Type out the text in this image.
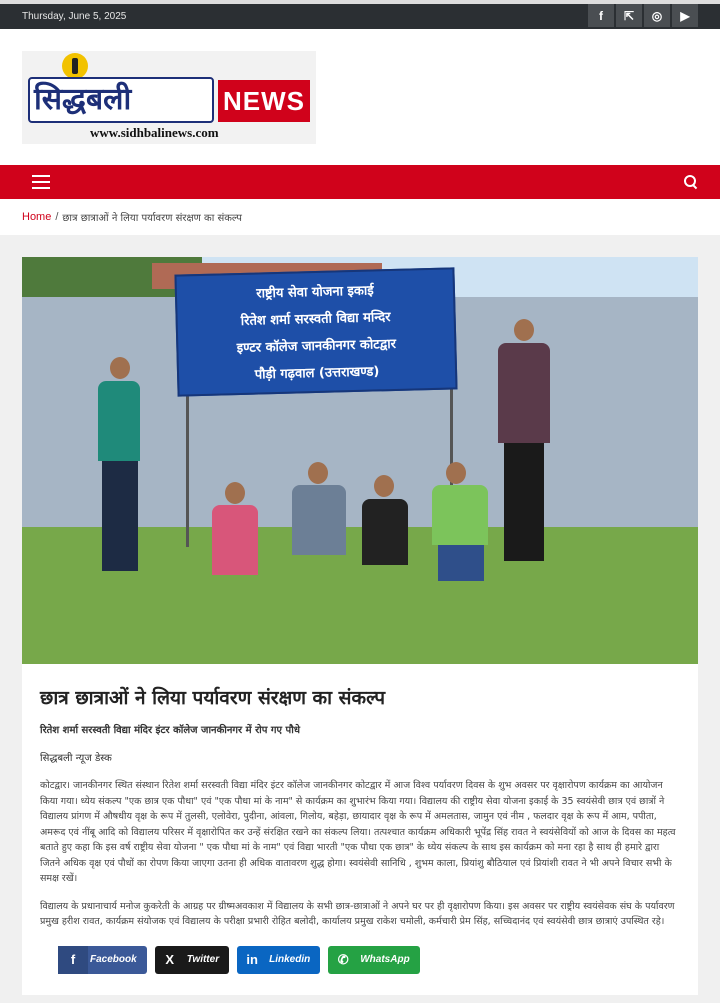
Thursday, June 5, 2025	f	⇱	◎	▶
सिद्धबली	NEWS
www.sidhbalinews.com
Home / छात्र छात्राओं ने लिया पर्यावरण संरक्षण का संकल्प
राष्ट्रीय सेवा योजना इकाई
रितेश शर्मा सरस्वती विद्या मन्दिर
इण्टर कॉलेज जानकीनगर कोटद्वार
पौड़ी गढ़वाल (उत्तराखण्ड)
छात्र छात्राओं ने लिया पर्यावरण संरक्षण का संकल्प
रितेश शर्मा सरस्वती विद्या मंदिर इंटर कॉलेज जानकीनगर में रोप गए पौधे
सिद्धबली न्यूज डेस्क

कोटद्वार। जानकीनगर स्थित संस्थान रितेश शर्मा सरस्वती विद्या मंदिर इंटर कॉलेज जानकीनगर कोटद्वार में आज विश्व पर्यावरण दिवस के शुभ अवसर पर वृक्षारोपण कार्यक्रम का आयोजन किया गया। ध्येय संकल्प "एक छात्र एक पौधा" एवं "एक पौधा मां के नाम" से कार्यक्रम का शुभारंभ किया गया। विद्यालय की राष्ट्रीय सेवा योजना इकाई के 35 स्वयंसेवी छात्र एवं छात्रों ने विद्यालय प्रांगण में औषधीय वृक्ष के रूप में तुलसी, एलोवेरा, पुदीना, आंवला, गिलोय, बहेड़ा, छायादार वृक्ष के रूप में अमलतास, जामुन एवं नीम , फलदार वृक्ष के रूप में आम, पपीता, अमरूद एवं नींबू आदि को विद्यालय परिसर में वृक्षारोपित कर उन्हें संरक्षित रखने का संकल्प लिया। तत्पश्चात कार्यक्रम अधिकारी भूपेंद्र सिंह रावत ने स्वयंसेवियों को आज के दिवस का महत्व बताते हुए कहा कि इस वर्ष राष्ट्रीय सेवा योजना " एक पौधा मां के नाम" एवं विद्या भारती "एक पौधा एक छात्र" के ध्येय संकल्प के साथ इस कार्यक्रम को मना रहा है साथ ही हमारे द्वारा जितने अधिक वृक्ष एवं पौधों का रोपण किया जाएगा उतना ही अधिक वातावरण शुद्ध होगा। स्वयंसेवी सानिधि , शुभम काला, प्रियांशु बौठियाल एवं प्रियांशी रावत ने भी अपने विचार सभी के समक्ष रखें।

विद्यालय के प्रधानाचार्य मनोज कुकरेती के आग्रह पर ग्रीष्मअवकाश में विद्यालय के सभी छात्र-छात्राओं ने अपने घर पर ही वृक्षारोपण किया। इस अवसर पर राष्ट्रीय स्वयंसेवक संघ के पर्यावरण प्रमुख हरीश रावत, कार्यक्रम संयोजक एवं विद्यालय के परीक्षा प्रभारी रोहित बलोदी, कार्यालय प्रमुख राकेश चमोली, कर्मचारी प्रेम सिंह, सच्चिदानंद एवं स्वयंसेवी छात्र छात्राएं उपस्थित रहे।

f	Facebook	X	Twitter	in	Linkedin	✆	WhatsApp
